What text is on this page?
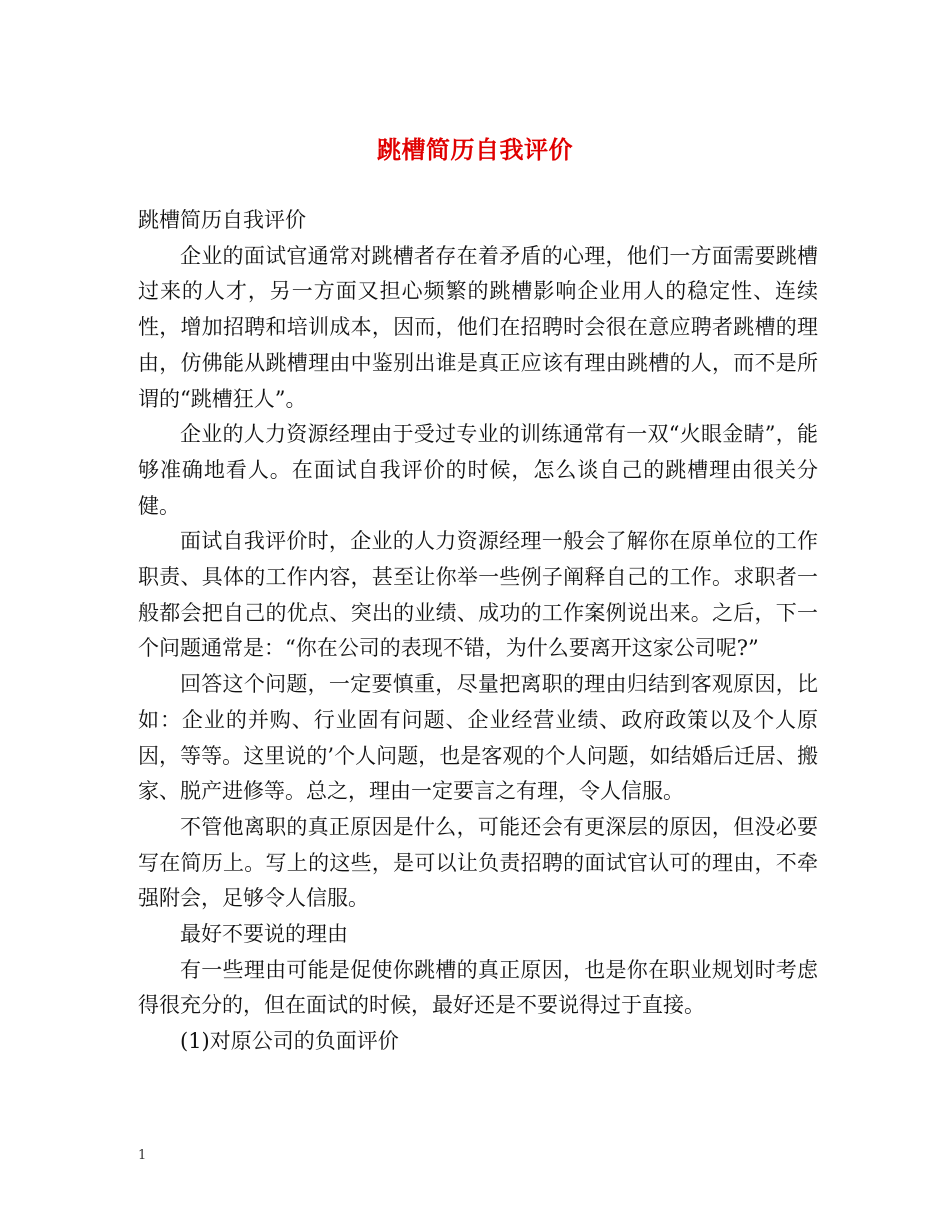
跳槽简历自我评价

跳槽简历自我评价

企业的面试官通常对跳槽者存在着矛盾的心理，他们一方面需要跳槽过来的人才，另一方面又担心频繁的跳槽影响企业用人的稳定性、连续性，增加招聘和培训成本，因而，他们在招聘时会很在意应聘者跳槽的理由，仿佛能从跳槽理由中鉴别出谁是真正应该有理由跳槽的人，而不是所谓的“跳槽狂人”。

企业的人力资源经理由于受过专业的训练通常有一双“火眼金睛”，能够准确地看人。在面试自我评价的时候，怎么谈自己的跳槽理由很关分健。

面试自我评价时，企业的人力资源经理一般会了解你在原单位的工作职责、具体的工作内容，甚至让你举一些例子阐释自己的工作。求职者一般都会把自己的优点、突出的业绩、成功的工作案例说出来。之后，下一个问题通常是：“你在公司的表现不错，为什么要离开这家公司呢?”

回答这个问题，一定要慎重，尽量把离职的理由归结到客观原因，比如：企业的并购、行业固有问题、企业经营业绩、政府政策以及个人原因，等等。这里说的’个人问题，也是客观的个人问题，如结婚后迁居、搬家、脱产进修等。总之，理由一定要言之有理，令人信服。

不管他离职的真正原因是什么，可能还会有更深层的原因，但没必要写在简历上。写上的这些，是可以让负责招聘的面试官认可的理由，不牵强附会，足够令人信服。

最好不要说的理由

有一些理由可能是促使你跳槽的真正原因，也是你在职业规划时考虑得很充分的，但在面试的时候，最好还是不要说得过于直接。

(1)对原公司的负面评价

1
